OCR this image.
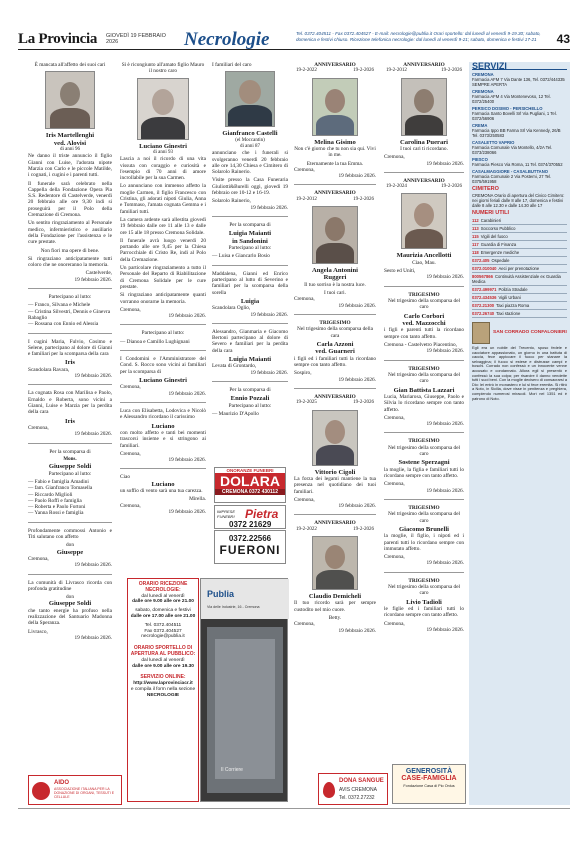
La Provincia GIOVEDÌ 19 FEBBRAIO 2026	Necrologie	Tel. 0372.404511 - Fax 0372.404527 - E-mail: necrologie@publia.it Orari sportello: dal lunedì al venerdì 9-19.30; sabato, domenica e festivi chiuso. Ricezione telefonica necrologie: dal lunedì al venerdì 9-21; sabato, domenica e festivi 17-21	43

È mancata all'affetto dei suoi cari

Iris Martellenghi
ved. Alovisi
di anni 96

Ne danno il triste annuncio il figlio Gianni con Luise, l'adorata nipote Marzia con Carlo e le piccole Matilde, i cognati, i cugini e i parenti tutti.

Il funerale sarà celebrato nella Cappella della Fondazione Opera Pia S.S. Redentore di Castelverde, venerdì 20 febbraio alle ore 9,30 indi si proseguirà per il Polo della Cremazione di Cremona.

Un sentito ringraziamento al Personale medico, infermieristico e ausiliario della Fondazione per l'assistenza e le cure prestate.

Non fiori ma opere di bene.

Si ringraziano anticipatamente tutti coloro che ne onoreranno la memoria.

Castelverde,
19 febbraio 2026.

Partecipano al lutto:

— Franco, Silvana e Michele
— Cristina Silvestri, Dennis e Ginevra Rabaglio
— Rossana con Ennio ed Alessia

I cugini Maria, Fulvio, Cosimo e Selene, partecipano al dolore di Gianni e familiari per la scomparsa della cara

Iris
Scandolara Ravara,
19 febbraio 2026.

La cognata Rosa con Marilisa e Paolo, Ernaldo e Roberta, sono vicini a Gianni, Luise e Marzia per la perdita della cara

Iris
Cremona,
19 febbraio 2026.

Per la scomparsa di

Mons.
Giuseppe Soldi

Partecipano al lutto:

— Fabio e famiglia Amadini
— fam. Gianfranco Tomasella
— Riccardo Miglioli
— Paolo Roffi e famiglia
— Roberta e Paolo Fortoni
— Yanna Rossi e famiglia

Profondamente commossi Antonio e Titi salutano con affetto

don
Giuseppe
Cremona,
19 febbraio 2026.

La comunità di Livrasco ricorda con profonda gratitudine

don
Giuseppe Soldi

che tanto energie ha profuso nella realizzazione del Santuario Madonna della Speranza.

Livrasco,
19 febbraio 2026.

Si è ricongiunto all'amato figlio Mauro il nostro caro

Luciano Ginestri
di anni 93

Lascia a noi il ricordo di una vita vissuta con coraggio e curiosità e l'esempio di 70 anni di amore incrollabile per la sua Carmen.

Lo annunciano con immenso affetto la moglie Carmen, il figlio Francesco con Cristina, gli adorati nipoti Giulia, Anna e Tommaso, l'amata cognata Gemma e i familiari tutti.

La camera ardente sarà allestita giovedì 19 febbraio dalle ore 11 alle 13 e dalle ore 15 alle 18 presso Cremona Solidale.

Il funerale avrà luogo venerdì 20 portando alle ore 9,45 per la Chiesa Parrocchiale di Cristo Re, indi al Polo della Cremazione.

Un particolare ringraziamento a tutto il Personale del Reparto di Riabilitazione di Cremona Solidale per le cure prestate.

Si ringraziano anticipatamente quanti vorranno onorarne la memoria.

Cremona,
19 febbraio 2026.

Partecipano al lutto:

— Dianoa e Camillo Lughignani

I Condomini e l'Amministratore del Cond. S. Rocco sono vicini ai familiari per la scomparsa di

Luciano Ginestri
Cremona,
19 febbraio 2026.

Luca con Elisabetta, Lodovica e Nicolò e Alessandro ricordano il carissimo

Luciano

con molto affetto e tanti bei momenti trascorsi insieme e si stringono ai familiari.

Cremona,
19 febbraio 2026.
Ciao
Luciano

un soffio di vento sarà una tua carezza.

Mirella.
Cremona,
19 febbraio 2026.

I familiari del caro

Gianfranco Castelli
(el Moccantin)
di anni 87

annunciano che i funerali si svolgeranno venerdì 20 febbraio alle ore 14,30 Chiesa e Cimitero di Solarolo Rainerio.

Visite presso la Casa Funeraria Giuliotti&Burelli oggi, giovedì 19 febbraio ore 10-12 e 16-19.

Solarolo Rainerio,
19 febbraio 2026.

Per la scomparsa di

Luigia Maianti
in Sandonini

Partecipano al lutto:

— Luisa e Giancarlo Bosio

Maddalena, Gianni ed Enrico partecipano al lutto di Severino e familiari per la scomparsa della sorella

Luigia
Scandolara Oglio,
19 febbraio 2026.

Alessandro, Gianmaria e Giacomo Bertoni partecipano al dolore di Severo e familiari per la perdita della cara

Luigia Maianti
Levata di Grontardo,
19 febbraio 2026.

Per la scomparsa di

Ennio Pozzali

Partecipano al lutto:

— Maurizio D'Apollo
ONORANZE FUNEBRI
DOLARA
CREMONA 0372 430112
IMPRESE FUNEBRI Pietra
0372 21629
0372.22566
FUERONI
ANNIVERSARIO
19-2-2022	19-2-2026
Melina Gisimo

Non c'è giorno che tu non sia qui. Vivi in me.

Eternamente la tua Emma.
Cremona,
19 febbraio 2026.
ANNIVERSARIO
19-2-2012	19-2-2026
Angela Antonini
Ruggeri

Il tuo sorriso è la nostra luce.

I tuoi cari.
Cremona,
19 febbraio 2026.
TRIGESIMO

Nel trigesimo della scomparsa della cara

Carla Azzoni
ved. Guarneri

i figli ed i familiari tutti la ricordano sempre con tanto affetto.

Sospiro,
19 febbraio 2026.
ANNIVERSARIO
19-2-2025	19-2-2026
Vittorio Cigoli

La forza dei legami mantiene la tua presenza nel quotidiano dei tuoi familiari.

Cremona,
19 febbraio 2026.
ANNIVERSARIO
19-2-2022	19-2-2026
Claudio Demicheli

Il tuo ricordo sarà per sempre custodito nel mio cuore.

Betty.
Cremona,
19 febbraio 2026.
ANNIVERSARIO
19-2-2012	19-2-2026
Carolina Puerari

I tuoi cari ti ricordano.

Cremona,
19 febbraio 2026.
ANNIVERSARIO
19-2-2024	19-2-2026
Maurizia Ancellotti

Ciao, Mau.

Sesto ed Uniti,
19 febbraio 2026.
TRIGESIMO

Nel trigesimo della scomparsa del caro

Carlo Corbori
ved. Mazzocchi

i figli e parenti tutti la ricordano sempre con tanto affetto.

Cremona - Castelvetro Piacentino,
19 febbraio 2026.
TRIGESIMO

Nel trigesimo della scomparsa del caro

Gian Battista Lazzari

Lucia, Mariarosa, Giuseppe, Paolo e Silvia lo ricordano sempre con tanto affetto.

Cremona,
19 febbraio 2026.
TRIGESIMO

Nel trigesimo della scomparsa del caro

Sostene Sperzagni

la moglie, la figlia e familiari tutti lo ricordano sempre con tanto affetto.

Cremona,
19 febbraio 2026.
TRIGESIMO

Nel trigesimo della scomparsa del caro

Giacomo Brunelli

la moglie, il figlio, i nipoti ed i parenti tutti lo ricordano sempre con immutato affetto.

Cremona,
19 febbraio 2026.
TRIGESIMO

Nel trigesimo della scomparsa del caro

Livio Tadioli

le figlie ed i familiari tutti lo ricordano sempre con tanto affetto.

Cremona,
19 febbraio 2026.
ORARIO RICEZIONE NECROLOGIE:
dal lunedì al venerdì
dalle ore 9.00 alle ore 21.00
sabato, domenica e festivi
dalle ore 17.00 alle ore 21.00
Tel. 0372.404511
Fax 0372.404527
necrologie@publia.it
ORARIO SPORTELLO DI APERTURA AL PUBBLICO:
dal lunedì al venerdì
dalle ore 9.00 alle ore 19.30
SERVIZIO ONLINE:
http://www.laprovinciacr.it
e compila il form nella sezione
NECROLOGIE
Publia
Via delle Industrie, 16 - Cremona
Il Corriere
AIDO
ASSOCIAZIONE ITALIANA PER LA DONAZIONE DI ORGANI, TESSUTI E CELLULE
DONA SANGUE
AVIS CREMONA
Tel. 0372.27232
GENEROSITÀ
CASE-FAMIGLIA
Fondazione Casa di Pio Onlus
SERVIZI
CREMONA
Farmacia AFM 7 Via Dante 136, Tel. 0372/444335 SEMPRE APERTA
CREMONA
Farmacia AFM 4 Via Montenevoso, 12 Tel. 0372/25400
PERSICO DOSIMO - PERSICHELLO
Farmacia Santo Bovelli Srl Via Pugliani, 1 Tel. 0372/56906
CREMA
Farmacia Ippo BB Farma Srl Via Kennedy, 26/B Tel. 0373/250583
CASALETTO VAPRIO
Farmacia Comunale Via Montello, 4/2A Tel. 0373/238066
PIESCO
Farmacia Piesco Via Roma, 11 Tel. 0374/370552
CASALMAGGIORE - CASALBUTTANO
Farmacia Comunale 2 Via Postemi, 27 Tel. 0375/591958
CIMITERO
CREMONA Orario di apertura del Civico Cimitero: nei giorni feriali dalle 8 alle 17, domenica e festivi dalle 8 alle 12.30 e dalle 14.30 alle 17
NUMERI UTILI
112 Carabinieri
113 Soccorso Pubblico
115 Vigili del fuoco
117 Guardia di Finanza
118 Emergenze mediche
0372.405 Ospedale
0372.010040 Aeci per prenotazione
800567866 Continuità Assistenziale ex Guardia Medica
0372.499971 Polizia Stradale
0372.434536 Vigili Urbani
0372.21300 Taxi piazza Roma
0372.26740 Taxi stazione
SAN CORRADO CONFALONIERI
Egli era un nobile del Trecento, sposo fedele e cacciatore appassionato, un giorno in una battuta di caccia, fece appiccare il fuoco per stanare la selvaggina; il fuoco si estese e distrusse campi e boschi. Corrado non confessò e un innocente venne accusato e condannato. Allora egli si presentò e confessò la sua colpa; per risarcire il danno vendette tutti i suoi beni. Con la moglie decisero di consacrarsi a Dio: lei entrò in monastero e lui si fece eremita. Si ritirò a Noto, in Sicilia, dove visse in penitenza e preghiera, compiendo numerosi miracoli. Morì nel 1351 ed è patrono di Noto.
